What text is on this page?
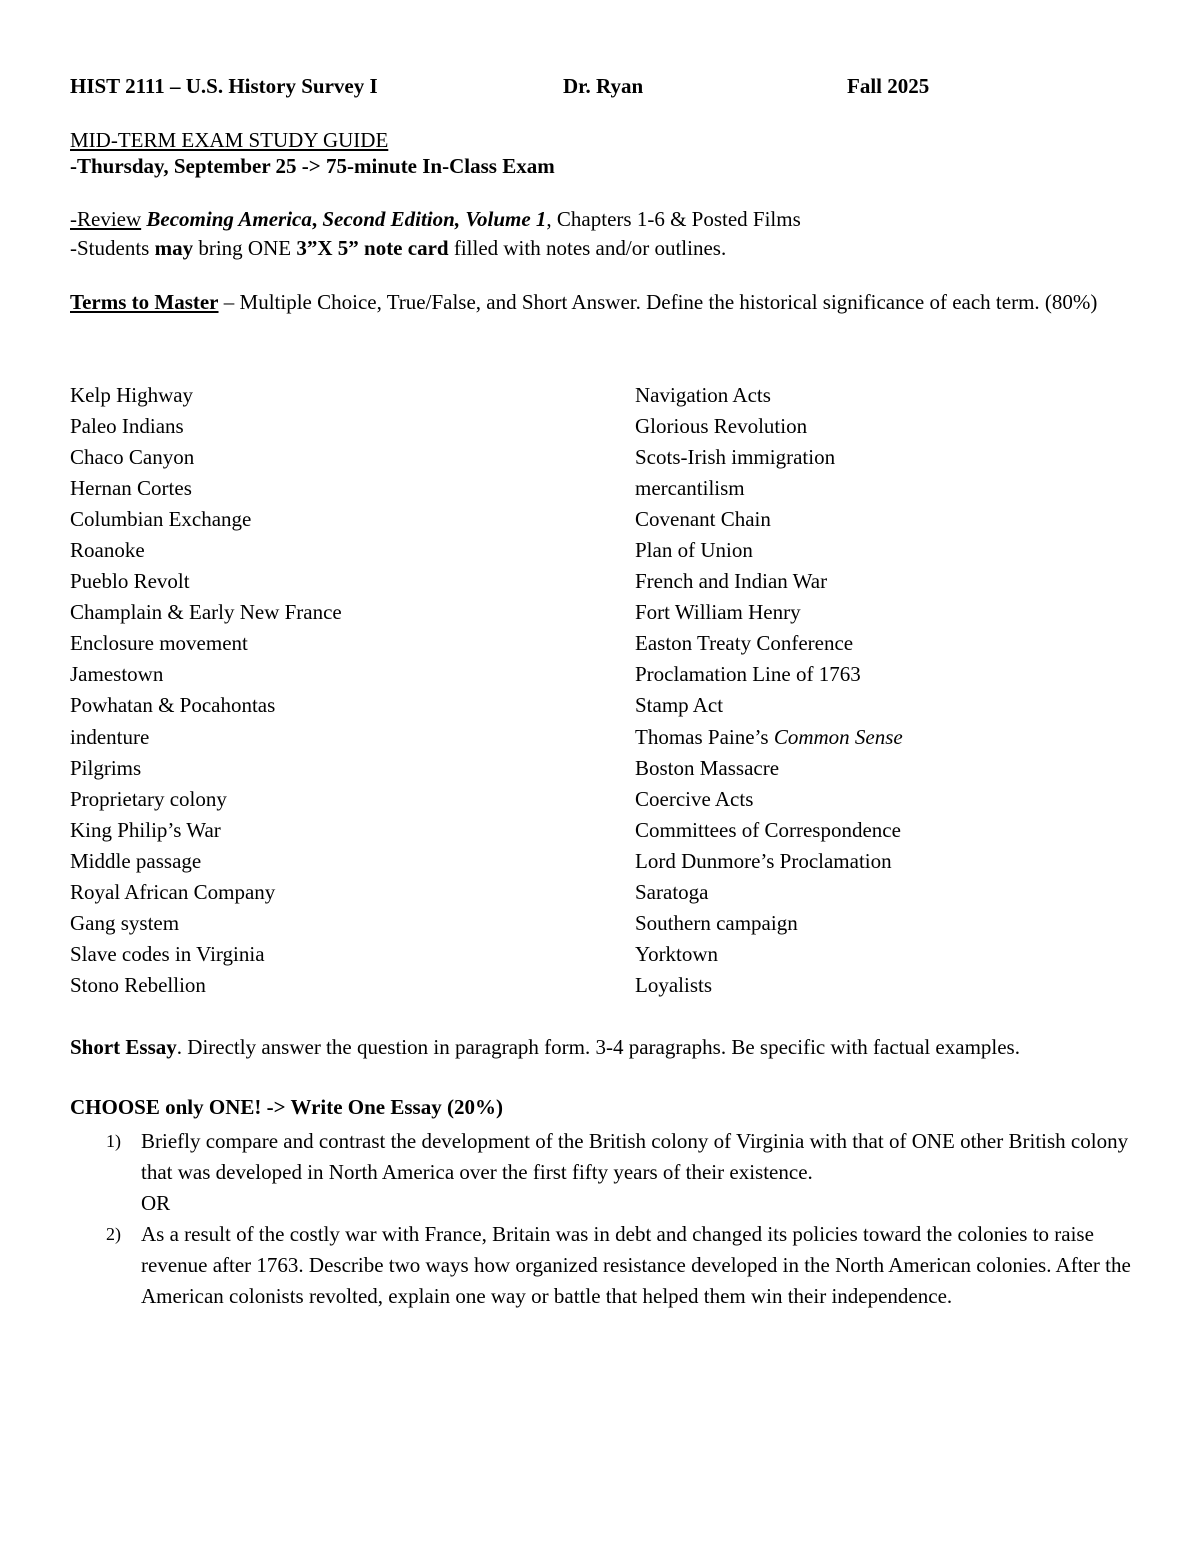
HIST 2111 – U.S. History Survey I	Dr. Ryan	Fall 2025
MID-TERM EXAM STUDY GUIDE
-Thursday, September 25 -> 75-minute In-Class Exam
-Review Becoming America, Second Edition, Volume 1, Chapters 1-6 & Posted Films
-Students may bring ONE 3”X 5” note card filled with notes and/or outlines.
Terms to Master – Multiple Choice, True/False, and Short Answer. Define the historical significance of each term. (80%)
Kelp Highway
Paleo Indians
Chaco Canyon
Hernan Cortes
Columbian Exchange
Roanoke
Pueblo Revolt
Champlain & Early New France
Enclosure movement
Jamestown
Powhatan & Pocahontas
indenture
Pilgrims
Proprietary colony
King Philip’s War
Middle passage
Royal African Company
Gang system
Slave codes in Virginia
Stono Rebellion
Navigation Acts
Glorious Revolution
Scots-Irish immigration
mercantilism
Covenant Chain
Plan of Union
French and Indian War
Fort William Henry
Easton Treaty Conference
Proclamation Line of 1763
Stamp Act
Thomas Paine’s Common Sense
Boston Massacre
Coercive Acts
Committees of Correspondence
Lord Dunmore’s Proclamation
Saratoga
Southern campaign
Yorktown
Loyalists
Short Essay. Directly answer the question in paragraph form. 3-4 paragraphs. Be specific with factual examples.
CHOOSE only ONE! -> Write One Essay (20%)
1) Briefly compare and contrast the development of the British colony of Virginia with that of ONE other British colony that was developed in North America over the first fifty years of their existence.
OR
2) As a result of the costly war with France, Britain was in debt and changed its policies toward the colonies to raise revenue after 1763. Describe two ways how organized resistance developed in the North American colonies. After the American colonists revolted, explain one way or battle that helped them win their independence.
